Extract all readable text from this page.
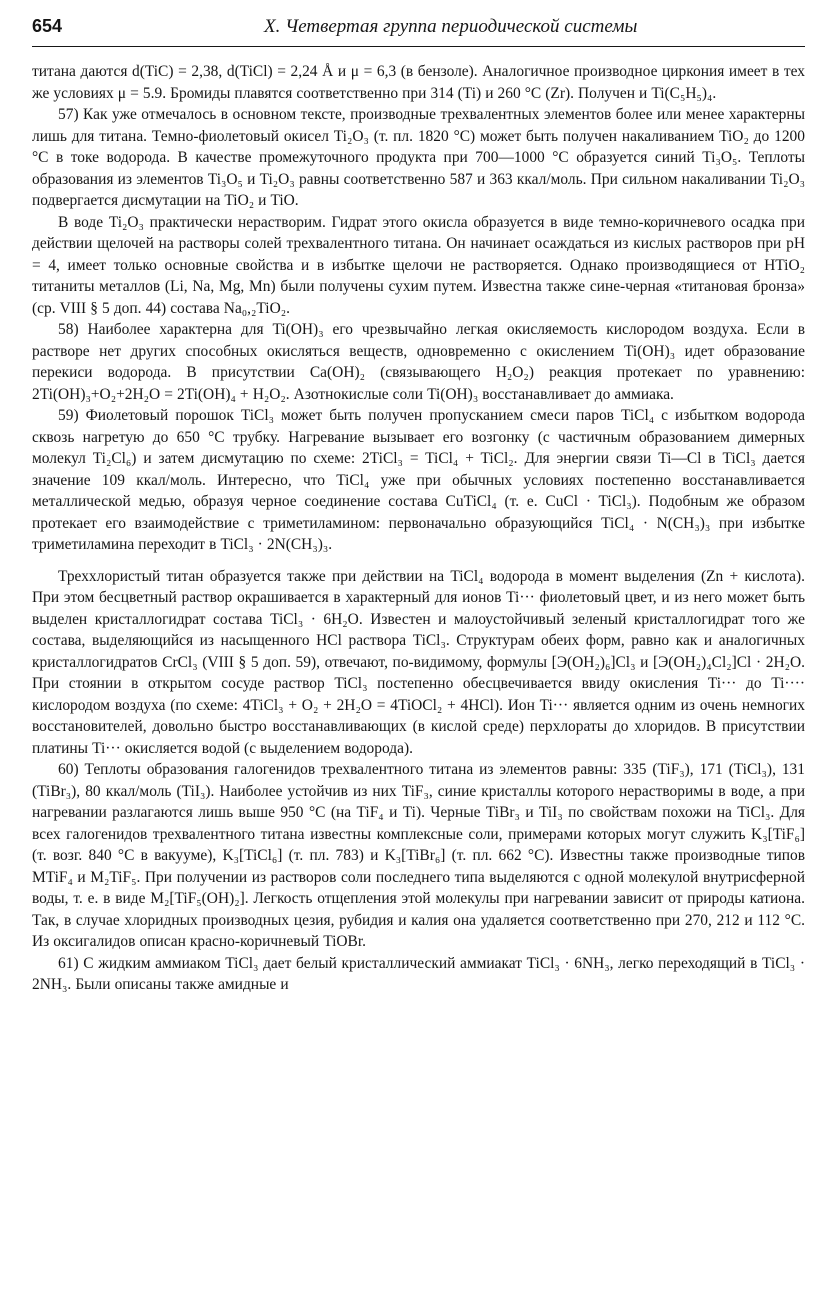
654	X. Четвертая группа периодической системы

титана даются d(TiC) = 2,38, d(TiCl) = 2,24 Å и μ = 6,3 (в бензоле). Аналогичное производное циркония имеет в тех же условиях μ = 5.9. Бромиды плавятся соответственно при 314 (Ti) и 260 °C (Zr). Получен и Ti(C₅H₅)₄.

57) Как уже отмечалось в основном тексте, производные трехвалентных элементов более или менее характерны лишь для титана. Темно-фиолетовый окисел Ti₂O₃ (т. пл. 1820 °C) может быть получен накаливанием TiO₂ до 1200 °C в токе водорода. В качестве промежуточного продукта при 700—1000 °C образуется синий Ti₃O₅. Теплоты образования из элементов Ti₃O₅ и Ti₂O₃ равны соответственно 587 и 363 ккал/моль. При сильном накаливании Ti₂O₃ подвергается дисмутации на TiO₂ и TiO.

В воде Ti₂O₃ практически нерастворим. Гидрат этого окисла образуется в виде темно-коричневого осадка при действии щелочей на растворы солей трехвалентного титана. Он начинает осаждаться из кислых растворов при pH = 4, имеет только основные свойства и в избытке щелочи не растворяется. Однако производящиеся от HTiO₂ титаниты металлов (Li, Na, Mg, Mn) были получены сухим путем. Известна также сине-черная «титановая бронза» (ср. VIII § 5 доп. 44) состава Na₀,₂TiO₂.

58) Наиболее характерна для Ti(OH)₃ его чрезвычайно легкая окисляемость кислородом воздуха. Если в растворе нет других способных окисляться веществ, одновременно с окислением Ti(OH)₃ идет образование перекиси водорода. В присутствии Ca(OH)₂ (связывающего H₂O₂) реакция протекает по уравнению: 2Ti(OH)₃+O₂+2H₂O = 2Ti(OH)₄ + H₂O₂. Азотнокислые соли Ti(OH)₃ восстанавливает до аммиака.

59) Фиолетовый порошок TiCl₃ может быть получен пропусканием смеси паров TiCl₄ с избытком водорода сквозь нагретую до 650 °C трубку. Нагревание вызывает его возгонку (с частичным образованием димерных молекул Ti₂Cl₆) и затем дисмутацию по схеме: 2TiCl₃ = TiCl₄ + TiCl₂. Для энергии связи Ti—Cl в TiCl₃ дается значение 109 ккал/моль. Интересно, что TiCl₄ уже при обычных условиях постепенно восстанавливается металлической медью, образуя черное соединение состава CuTiCl₄ (т. е. CuCl · TiCl₃). Подобным же образом протекает его взаимодействие с триметиламином: первоначально образующийся TiCl₄ · N(CH₃)₃ при избытке триметиламина переходит в TiCl₃ · 2N(CH₃)₃.

Треххлористый титан образуется также при действии на TiCl₄ водорода в момент выделения (Zn + кислота). При этом бесцветный раствор окрашивается в характерный для ионов Ti··· фиолетовый цвет, и из него может быть выделен кристаллогидрат состава TiCl₃ · 6H₂O. Известен и малоустойчивый зеленый кристаллогидрат того же состава, выделяющийся из насыщенного HCl раствора TiCl₃. Структурам обеих форм, равно как и аналогичных кристаллогидратов CrCl₃ (VIII § 5 доп. 59), отвечают, по-видимому, формулы [Э(OH₂)₆]Cl₃ и [Э(OH₂)₄Cl₂]Cl · 2H₂O. При стоянии в открытом сосуде раствор TiCl₃ постепенно обесцвечивается ввиду окисления Ti··· до Ti···· кислородом воздуха (по схеме: 4TiCl₃ + O₂ + 2H₂O = 4TiOCl₂ + 4HCl). Ион Ti··· является одним из очень немногих восстановителей, довольно быстро восстанавливающих (в кислой среде) перхлораты до хлоридов. В присутствии платины Ti··· окисляется водой (с выделением водорода).

60) Теплоты образования галогенидов трехвалентного титана из элементов равны: 335 (TiF₃), 171 (TiCl₃), 131 (TiBr₃), 80 ккал/моль (TiI₃). Наиболее устойчив из них TiF₃, синие кристаллы которого нерастворимы в воде, а при нагревании разлагаются лишь выше 950 °C (на TiF₄ и Ti). Черные TiBr₃ и TiI₃ по свойствам похожи на TiCl₃. Для всех галогенидов трехвалентного титана известны комплексные соли, примерами которых могут служить K₃[TiF₆] (т. возг. 840 °C в вакууме), K₃[TiCl₆] (т. пл. 783) и K₃[TiBr₆] (т. пл. 662 °C). Известны также производные типов MTiF₄ и M₂TiF₅. При получении из растворов соли последнего типа выделяются с одной молекулой внутрисферной воды, т. е. в виде M₂[TiF₅(OH)₂]. Легкость отщепления этой молекулы при нагревании зависит от природы катиона. Так, в случае хлоридных производных цезия, рубидия и калия она удаляется соответственно при 270, 212 и 112 °C. Из оксигалидов описан красно-коричневый TiOBr.

61) С жидким аммиаком TiCl₃ дает белый кристаллический аммиакат TiCl₃ · 6NH₃, легко переходящий в TiCl₃ · 2NH₃. Были описаны также амидные и
